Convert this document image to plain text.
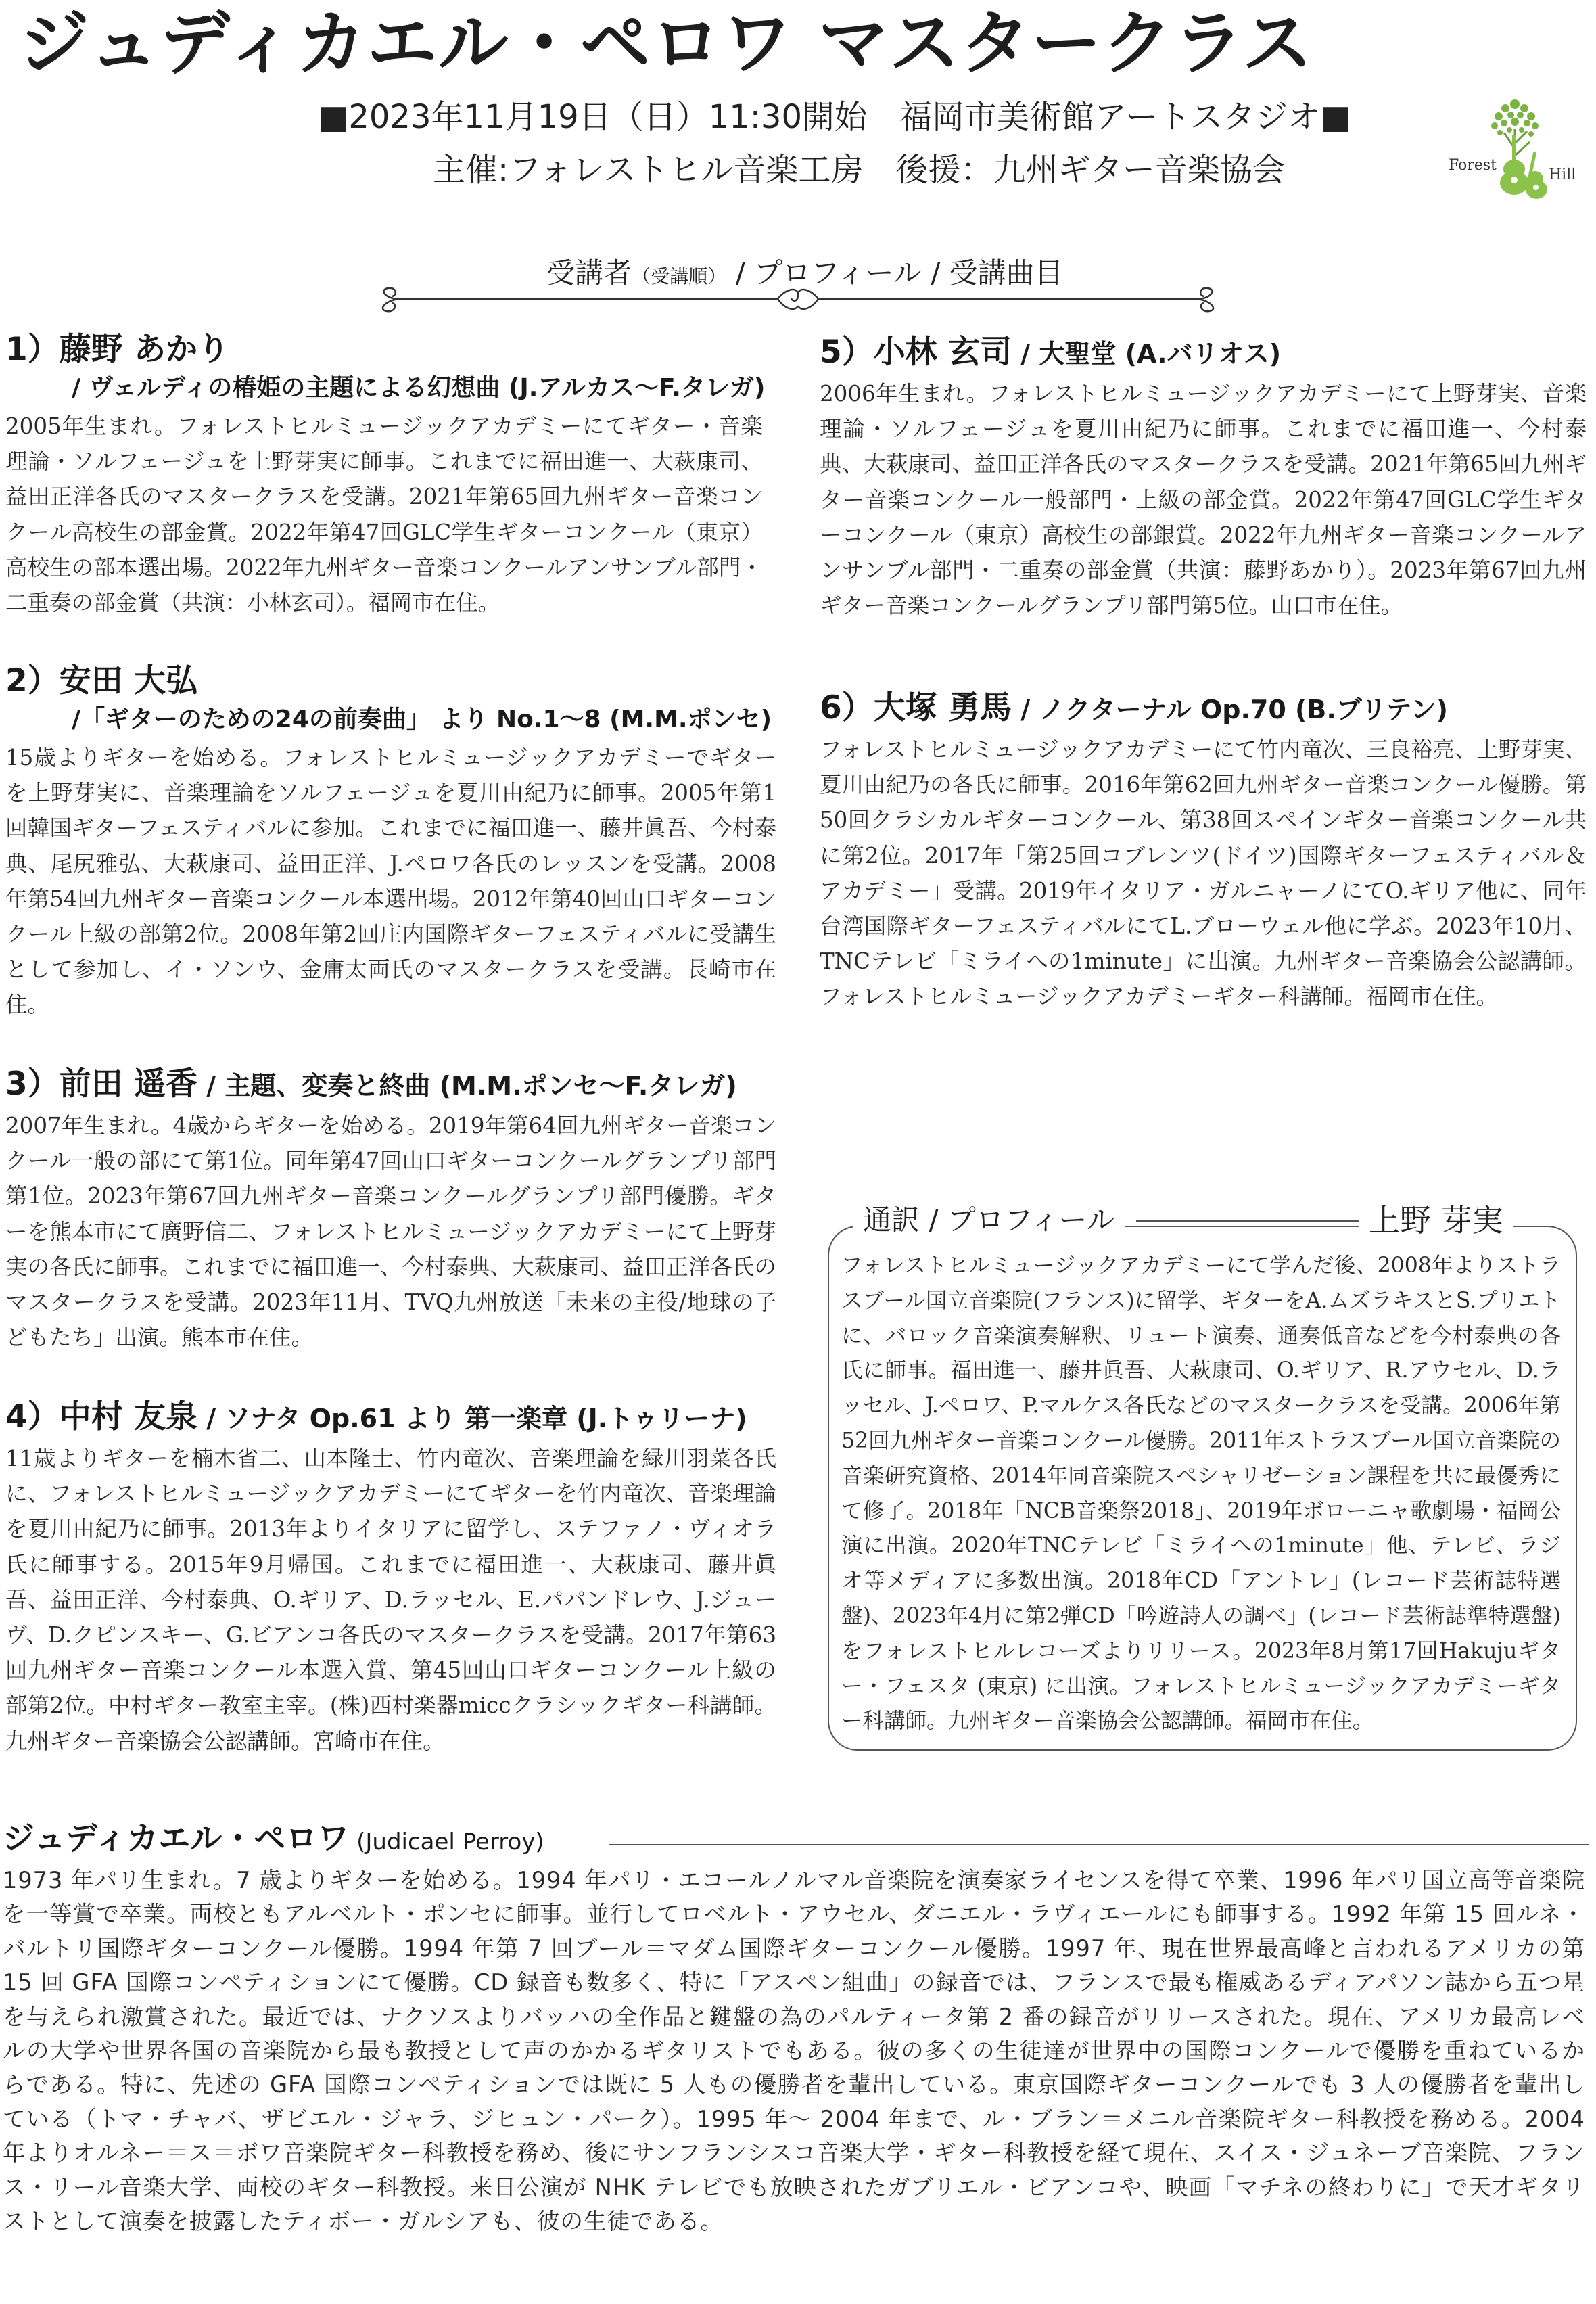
ジュディカエル・ペロワ マスタークラス
■2023年11月19日（日）11:30開始　福岡市美術館アートスタジオ■
主催:フォレストヒル音楽工房　後援：九州ギター音楽協会	Forest
Hill
受講者（受講順） / プロフィール / 受講曲目
1）藤野 あかり
/ ヴェルディの椿姫の主題による幻想曲 (J.アルカス～F.タレガ)
2005年生まれ。フォレストヒルミュージックアカデミーにてギター・音楽理論・ソルフェージュを上野芽実に師事。これまでに福田進一、大萩康司、益田正洋各氏のマスタークラスを受講。2021年第65回九州ギター音楽コンクール高校生の部金賞。2022年第47回GLC学生ギターコンクール（東京）高校生の部本選出場。2022年九州ギター音楽コンクールアンサンブル部門・二重奏の部金賞（共演：小林玄司）。福岡市在住。
2）安田 大弘
/「ギターのための24の前奏曲」 より No.1～8 (M.M.ポンセ)
15歳よりギターを始める。フォレストヒルミュージックアカデミーでギターを上野芽実に、音楽理論をソルフェージュを夏川由紀乃に師事。2005年第1回韓国ギターフェスティバルに参加。これまでに福田進一、藤井眞吾、今村泰典、尾尻雅弘、大萩康司、益田正洋、J.ペロワ各氏のレッスンを受講。2008年第54回九州ギター音楽コンクール本選出場。2012年第40回山口ギターコンクール上級の部第2位。2008年第2回庄内国際ギターフェスティバルに受講生として参加し、イ・ソンウ、金庸太両氏のマスタークラスを受講。長崎市在住。
3）前田 遥香 / 主題、変奏と終曲 (M.M.ポンセ～F.タレガ)
2007年生まれ。4歳からギターを始める。2019年第64回九州ギター音楽コンクール一般の部にて第1位。同年第47回山口ギターコンクールグランプリ部門第1位。2023年第67回九州ギター音楽コンクールグランプリ部門優勝。ギターを熊本市にて廣野信二、フォレストヒルミュージックアカデミーにて上野芽実の各氏に師事。これまでに福田進一、今村泰典、大萩康司、益田正洋各氏のマスタークラスを受講。2023年11月、TVQ九州放送「未来の主役/地球の子どもたち」出演。熊本市在住。
4）中村 友泉 / ソナタ Op.61 より 第一楽章 (J.トゥリーナ)
11歳よりギターを楠木省二、山本隆士、竹内竜次、音楽理論を緑川羽菜各氏に、フォレストヒルミュージックアカデミーにてギターを竹内竜次、音楽理論を夏川由紀乃に師事。2013年よりイタリアに留学し、ステファノ・ヴィオラ氏に師事する。2015年9月帰国。これまでに福田進一、大萩康司、藤井眞吾、益田正洋、今村泰典、O.ギリア、D.ラッセル、E.パパンドレウ、J.ジューヴ、D.クピンスキー、G.ビアンコ各氏のマスタークラスを受講。2017年第63回九州ギター音楽コンクール本選入賞、第45回山口ギターコンクール上級の部第2位。中村ギター教室主宰。(株)西村楽器miccクラシックギター科講師。九州ギター音楽協会公認講師。宮崎市在住。
5）小林 玄司 / 大聖堂 (A.バリオス)
2006年生まれ。フォレストヒルミュージックアカデミーにて上野芽実、音楽理論・ソルフェージュを夏川由紀乃に師事。これまでに福田進一、今村泰典、大萩康司、益田正洋各氏のマスタークラスを受講。2021年第65回九州ギター音楽コンクール一般部門・上級の部金賞。2022年第47回GLC学生ギターコンクール（東京）高校生の部銀賞。2022年九州ギター音楽コンクールアンサンブル部門・二重奏の部金賞（共演：藤野あかり）。2023年第67回九州ギター音楽コンクールグランプリ部門第5位。山口市在住。
6）大塚 勇馬 / ノクターナル Op.70 (B.ブリテン)
フォレストヒルミュージックアカデミーにて竹内竜次、三良裕亮、上野芽実、夏川由紀乃の各氏に師事。2016年第62回九州ギター音楽コンクール優勝。第50回クラシカルギターコンクール、第38回スペインギター音楽コンクール共に第2位。2017年「第25回コブレンツ(ドイツ)国際ギターフェスティバル＆アカデミー」受講。2019年イタリア・ガルニャーノにてO.ギリア他に、同年台湾国際ギターフェスティバルにてL.ブローウェル他に学ぶ。2023年10月、TNCテレビ「ミライへの1minute」に出演。九州ギター音楽協会公認講師。フォレストヒルミュージックアカデミーギター科講師。福岡市在住。
通訳 / プロフィール	上野 芽実
フォレストヒルミュージックアカデミーにて学んだ後、2008年よりストラスブール国立音楽院(フランス)に留学、ギターをA.ムズラキスとS.プリエトに、バロック音楽演奏解釈、リュート演奏、通奏低音などを今村泰典の各氏に師事。福田進一、藤井眞吾、大萩康司、O.ギリア、R.アウセル、D.ラッセル、J.ペロワ、P.マルケス各氏などのマスタークラスを受講。2006年第52回九州ギター音楽コンクール優勝。2011年ストラスブール国立音楽院の音楽研究資格、2014年同音楽院スペシャリゼーション課程を共に最優秀にて修了。2018年「NCB音楽祭2018」、2019年ボローニャ歌劇場・福岡公演に出演。2020年TNCテレビ「ミライへの1minute」他、テレビ、ラジオ等メディアに多数出演。2018年CD「アントレ」(レコード芸術誌特選盤)、2023年4月に第2弾CD「吟遊詩人の調べ」(レコード芸術誌準特選盤)をフォレストヒルレコーズよりリリース。2023年8月第17回Hakujuギター・フェスタ (東京) に出演。フォレストヒルミュージックアカデミーギター科講師。九州ギター音楽協会公認講師。福岡市在住。
ジュディカエル・ペロワ (Judicael Perroy)
1973 年パリ生まれ。7 歳よりギターを始める。1994 年パリ・エコールノルマル音楽院を演奏家ライセンスを得て卒業、1996 年パリ国立高等音楽院を一等賞で卒業。両校ともアルベルト・ポンセに師事。並行してロベルト・アウセル、ダニエル・ラヴィエールにも師事する。1992 年第 15 回ルネ・バルトリ国際ギターコンクール優勝。1994 年第 7 回ブール＝マダム国際ギターコンクール優勝。1997 年、現在世界最高峰と言われるアメリカの第 15 回 GFA 国際コンペティションにて優勝。CD 録音も数多く、特に「アスペン組曲」の録音では、フランスで最も権威あるディアパソン誌から五つ星を与えられ激賞された。最近では、ナクソスよりバッハの全作品と鍵盤の為のパルティータ第 2 番の録音がリリースされた。現在、アメリカ最高レベルの大学や世界各国の音楽院から最も教授として声のかかるギタリストでもある。彼の多くの生徒達が世界中の国際コンクールで優勝を重ねているからである。特に、先述の GFA 国際コンペティションでは既に 5 人もの優勝者を輩出している。東京国際ギターコンクールでも 3 人の優勝者を輩出している（トマ・チャバ、ザビエル・ジャラ、ジヒュン・パーク）。1995 年～ 2004 年まで、ル・ブラン＝メニル音楽院ギター科教授を務める。2004 年よりオルネー＝ス＝ボワ音楽院ギター科教授を務め、後にサンフランシスコ音楽大学・ギター科教授を経て現在、スイス・ジュネーブ音楽院、フランス・リール音楽大学、両校のギター科教授。来日公演が NHK テレビでも放映されたガブリエル・ビアンコや、映画「マチネの終わりに」で天才ギタリストとして演奏を披露したティボー・ガルシアも、彼の生徒である。
